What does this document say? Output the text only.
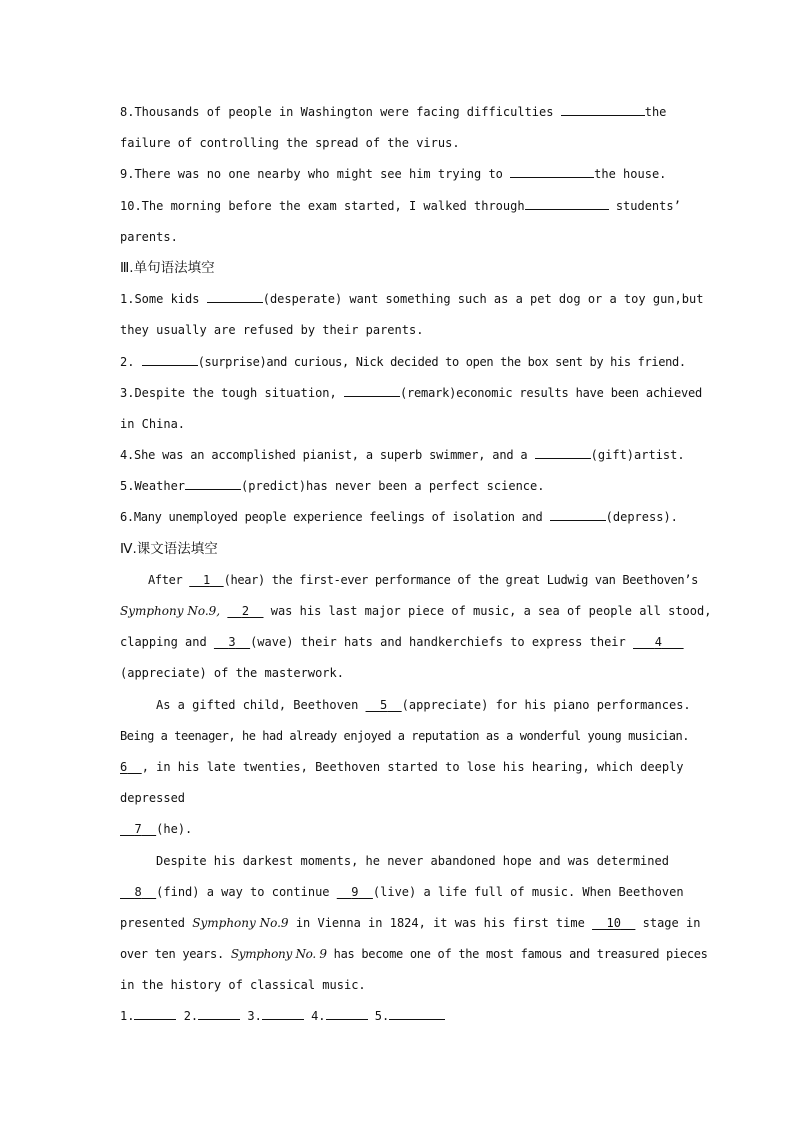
8.Thousands of people in Washington were facing difficulties	the
failure of controlling the spread of the virus.
9.There was no one nearby who might see him trying to	the house.
10.The morning before the exam started, I walked through	students’
parents.
Ⅲ.单句语法填空
1.Some kids	(desperate) want something such as a pet dog or a toy gun,but
they usually are refused by their parents.
2.	(surprise)and curious, Nick decided to open the box sent by his friend.
3.Despite the tough situation,	(remark)economic results have been achieved
in China.
4.She was an accomplished pianist, a superb swimmer, and a	(gift)artist.
5.Weather	(predict)has never been a perfect science.
6.Many unemployed people experience feelings of isolation and	(depress).
Ⅳ.课文语法填空
After 1 (hear) the first-ever performance of the great Ludwig van Beethoven’s
Symphony No.9, 2 was his last major piece of music, a sea of people all stood,
clapping and 3 (wave) their hats and handkerchiefs to express their 4
(appreciate) of the masterwork.
As a gifted child, Beethoven 5 (appreciate) for his piano performances.
Being a teenager, he had already enjoyed a reputation as a wonderful young musician.
6 , in his late twenties, Beethoven started to lose his hearing, which deeply
depressed
7 (he).
Despite his darkest moments, he never abandoned hope and was determined
8 (find) a way to continue 9 (live) a life full of music. When Beethoven
presented Symphony No.9 in Vienna in 1824, it was his first time 10 stage in
over ten years. Symphony No. 9 has become one of the most famous and treasured pieces
in the history of classical music.
1.	2.	3.	4.	5.
